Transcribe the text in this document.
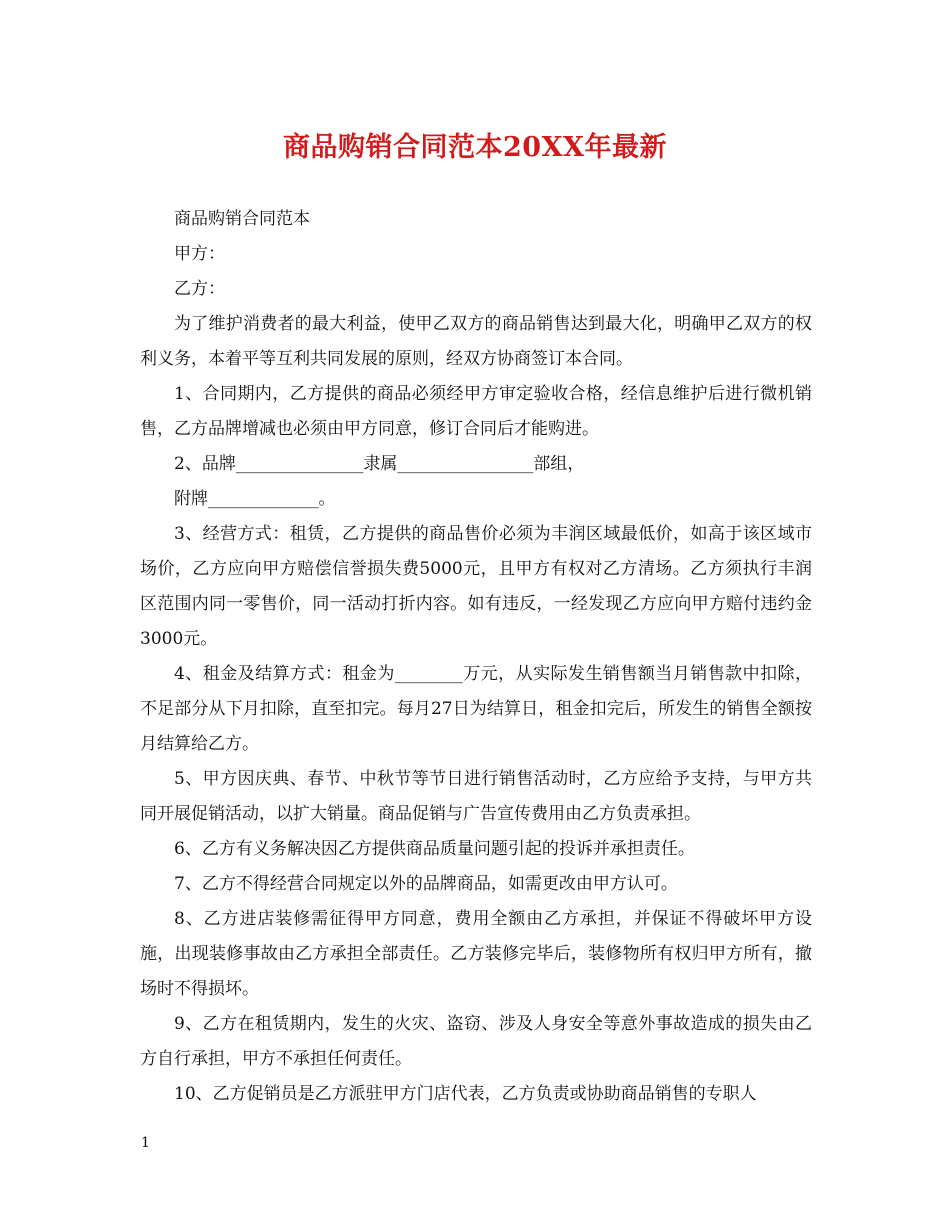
商品购销合同范本20XX年最新

商品购销合同范本

甲方：

乙方：

为了维护消费者的最大利益，使甲乙双方的商品销售达到最大化，明确甲乙双方的权利义务，本着平等互利共同发展的原则，经双方协商签订本合同。

1、合同期内，乙方提供的商品必须经甲方审定验收合格，经信息维护后进行微机销售，乙方品牌增减也必须由甲方同意，修订合同后才能购进。

2、品牌_______________隶属________________部组，

附牌_____________。

3、经营方式：租赁，乙方提供的商品售价必须为丰润区域最低价，如高于该区域市场价，乙方应向甲方赔偿信誉损失费5000元，且甲方有权对乙方清场。乙方须执行丰润区范围内同一零售价，同一活动打折内容。如有违反，一经发现乙方应向甲方赔付违约金3000元。

4、租金及结算方式：租金为________万元，从实际发生销售额当月销售款中扣除，不足部分从下月扣除，直至扣完。每月27日为结算日，租金扣完后，所发生的销售全额按月结算给乙方。

5、甲方因庆典、春节、中秋节等节日进行销售活动时，乙方应给予支持，与甲方共同开展促销活动，以扩大销量。商品促销与广告宣传费用由乙方负责承担。

6、乙方有义务解决因乙方提供商品质量问题引起的投诉并承担责任。

7、乙方不得经营合同规定以外的品牌商品，如需更改由甲方认可。

8、乙方进店装修需征得甲方同意，费用全额由乙方承担，并保证不得破坏甲方设施，出现装修事故由乙方承担全部责任。乙方装修完毕后，装修物所有权归甲方所有，撤场时不得损坏。

9、乙方在租赁期内，发生的火灾、盗窃、涉及人身安全等意外事故造成的损失由乙方自行承担，甲方不承担任何责任。

10、乙方促销员是乙方派驻甲方门店代表，乙方负责或协助商品销售的专职人

1
